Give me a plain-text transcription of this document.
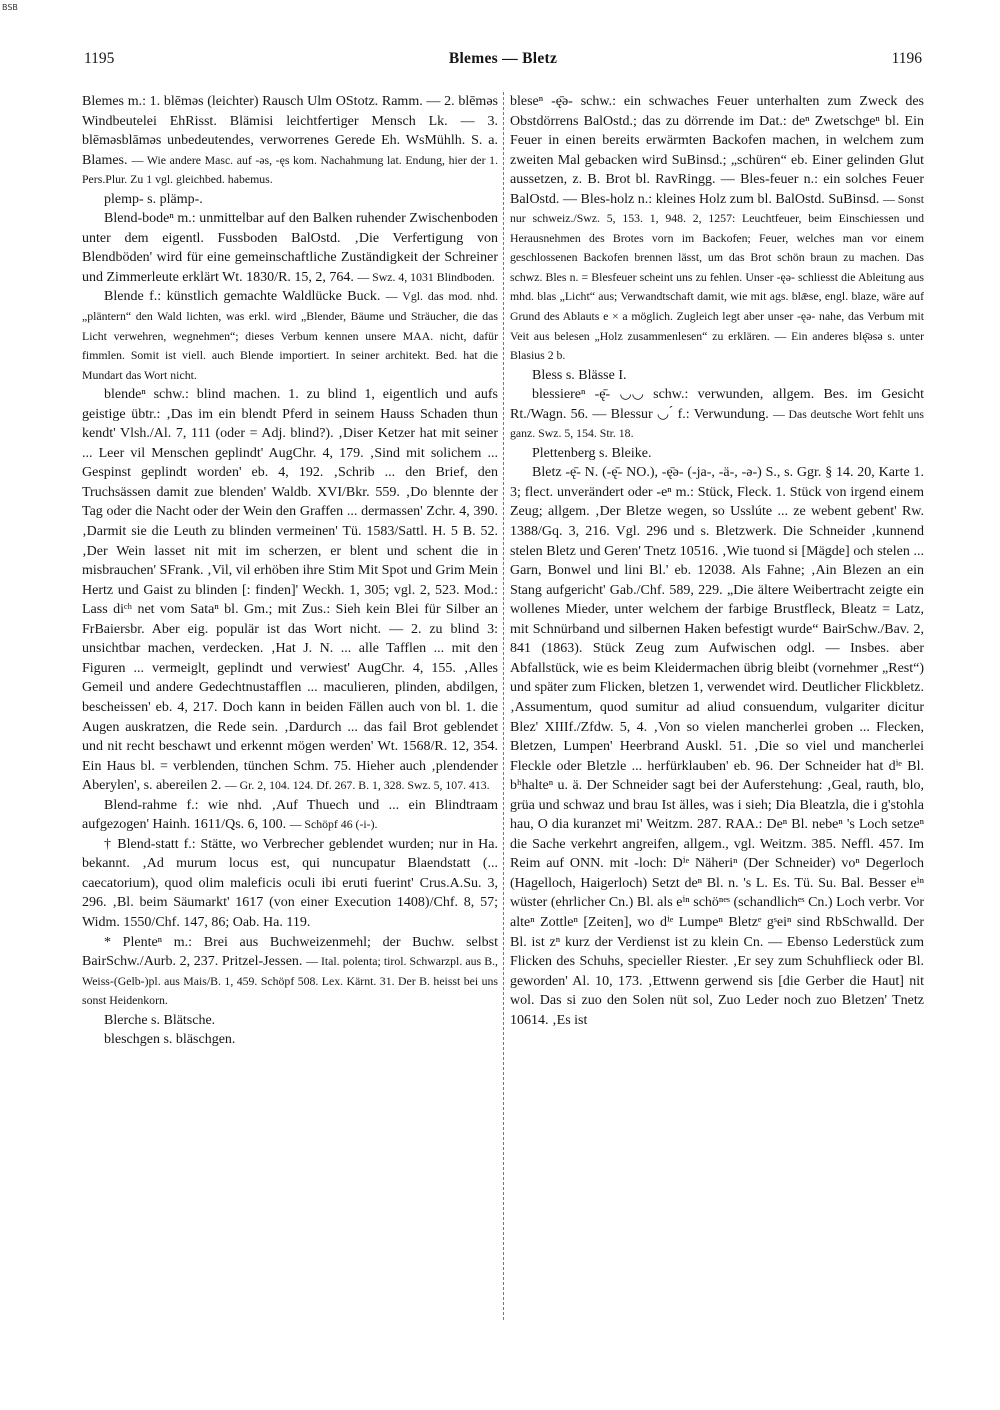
BSB
1195	Blemes — Bletz	1196

Blemes m.: 1. blēməs (leichter) Rausch Ulm OStotz. Ramm. — 2. blēməs Windbeutelei EhRisst. Blämisi leichtfertiger Mensch Lk. — 3. blēməsblāməs unbedeutendes, verworrenes Gerede Eh. WsMühlh. S. a. Blames. — Wie andere Masc. auf -əs, -ęs kom. Nachahmung lat. Endung, hier der 1. Pers.Plur. Zu 1 vgl. gleichbed. habemus.

plemp- s. plämp-.

Blend-bodeⁿ m.: unmittelbar auf den Balken ruhender Zwischenboden unter dem eigentl. Fussboden BalOstd. ‚Die Verfertigung von Blendböden' wird für eine gemeinschaftliche Zuständigkeit der Schreiner und Zimmerleute erklärt Wt. 1830/R. 15, 2, 764. — Swz. 4, 1031 Blindboden.

Blende f.: künstlich gemachte Waldlücke Buck. — Vgl. das mod. nhd. „pläntern“ den Wald lichten, was erkl. wird „Blender, Bäume und Sträucher, die das Licht verwehren, wegnehmen“; dieses Verbum kennen unsere MAA. nicht, dafür fimmlen. Somit ist viell. auch Blende importiert. In seiner architekt. Bed. hat die Mundart das Wort nicht.

blendeⁿ schw.: blind machen. 1. zu blind 1, eigentlich und aufs geistige übtr.: ‚Das im ein blendt Pferd in seinem Hauss Schaden thun kendt' Vlsh./Al. 7, 111 (oder = Adj. blind?). ‚Diser Ketzer hat mit seiner ... Leer vil Menschen geplindt' AugChr. 4, 179. ‚Sind mit solichem ... Gespinst geplindt worden' eb. 4, 192. ‚Schrib ... den Brief, den Truchsässen damit zue blenden' Waldb. XVI/Bkr. 559. ‚Do blennte der Tag oder die Nacht oder der Wein den Graffen ... dermassen' Zchr. 4, 390. ‚Darmit sie die Leuth zu blinden vermeinen' Tü. 1583/Sattl. H. 5 B. 52. ‚Der Wein lasset nit mit im scherzen, er blent und schent die in misbrauchen' SFrank. ‚Vil, vil erhöben ihre Stim Mit Spot und Grim Mein Hertz und Gaist zu blinden [: finden]' Weckh. 1, 305; vgl. 2, 523. Mod.: Lass diᶜʰ net vom Sataⁿ bl. Gm.; mit Zus.: Sieh kein Blei für Silber an FrBaiersbr. Aber eig. populär ist das Wort nicht. — 2. zu blind 3: unsichtbar machen, verdecken. ‚Hat J. N. ... alle Tafflen ... mit den Figuren ... vermeiglt, geplindt und verwiest' AugChr. 4, 155. ‚Alles Gemeil und andere Gedechtnustafflen ... maculieren, plinden, abdilgen, bescheissen' eb. 4, 217. Doch kann in beiden Fällen auch von bl. 1. die Augen auskratzen, die Rede sein. ‚Dardurch ... das fail Brot geblendet und nit recht beschawt und erkennt mögen werden' Wt. 1568/R. 12, 354. Ein Haus bl. = verblenden, tünchen Schm. 75. Hieher auch ‚plendender Aberylen', s. abereilen 2. — Gr. 2, 104. 124. Df. 267. B. 1, 328. Swz. 5, 107. 413.

Blend-rahme f.: wie nhd. ‚Auf Thuech und ... ein Blindtraam aufgezogen' Hainh. 1611/Qs. 6, 100. — Schöpf 46 (-i-).

† Blend-statt f.: Stätte, wo Verbrecher geblendet wurden; nur in Ha. bekannt. ‚Ad murum locus est, qui nuncupatur Blaendstatt (... caecatorium), quod olim maleficis oculi ibi eruti fuerint' Crus.A.Su. 3, 296. ‚Bl. beim Säumarkt' 1617 (von einer Execution 1408)/Chf. 8, 57; Widm. 1550/Chf. 147, 86; Oab. Ha. 119.

* Plenteⁿ m.: Brei aus Buchweizenmehl; der Buchw. selbst BairSchw./Aurb. 2, 237. Pritzel-Jessen. — Ital. polenta; tirol. Schwarzpl. aus B., Weiss-(Gelb-)pl. aus Mais/B. 1, 459. Schöpf 508. Lex. Kärnt. 31. Der B. heisst bei uns sonst Heidenkorn.

Blerche s. Blätsche.

bleschgen s. bläschgen.

bleseⁿ -ę̄ə- schw.: ein schwaches Feuer unterhalten zum Zweck des Obstdörrens BalOstd.; das zu dörrende im Dat.: deⁿ Zwetschgeⁿ bl. Ein Feuer in einen bereits erwärmten Backofen machen, in welchem zum zweiten Mal gebacken wird SuBinsd.; „schüren“ eb. Einer gelinden Glut aussetzen, z. B. Brot bl. RavRingg. — Bles-feuer n.: ein solches Feuer BalOstd. — Bles-holz n.: kleines Holz zum bl. BalOstd. SuBinsd. — Sonst nur schweiz./Swz. 5, 153. 1, 948. 2, 1257: Leuchtfeuer, beim Einschiessen und Herausnehmen des Brotes vorn im Backofen; Feuer, welches man vor einem geschlossenen Backofen brennen lässt, um das Brot schön braun zu machen. Das schwz. Bles n. = Blesfeuer scheint uns zu fehlen. Unser -ęə- schliesst die Ableitung aus mhd. blas „Licht“ aus; Verwandtschaft damit, wie mit ags. blǣse, engl. blaze, wäre auf Grund des Ablauts e × a möglich. Zugleich legt aber unser -ęə- nahe, das Verbum mit Veit aus belesen „Holz zusammenlesen“ zu erklären. — Ein anderes blę̄əsə s. unter Blasius 2 b.

Bless s. Blässe I.

blessiereⁿ -ę̄- ◡◡ schw.: verwunden, allgem. Bes. im Gesicht Rt./Wagn. 56. — Blessur ◡ ́ f.: Verwundung. — Das deutsche Wort fehlt uns ganz. Swz. 5, 154. Str. 18.

Plettenberg s. Bleike.

Bletz -ę̄- N. (-ę̄- NO.), -ę̄ə- (-ja-, -ä-, -ə-) S., s. Ggr. § 14. 20, Karte 1. 3; flect. unverändert oder -eⁿ m.: Stück, Fleck. 1. Stück von irgend einem Zeug; allgem. ‚Der Bletze wegen, so Usslúte ... ze webent gebent' Rw. 1388/Gq. 3, 216. Vgl. 296 und s. Bletzwerk. Die Schneider ‚kunnend stelen Bletz und Geren' Tnetz 10516. ‚Wie tuond si [Mägde] och stelen ... Garn, Bonwel und lini Bl.' eb. 12038. Als Fahne; ‚Ain Blezen an ein Stang aufgericht' Gab./Chf. 589, 229. „Die ältere Weibertracht zeigte ein wollenes Mieder, unter welchem der farbige Brustfleck, Bleatz = Latz, mit Schnürband und silbernen Haken befestigt wurde“ BairSchw./Bav. 2, 841 (1863). Stück Zeug zum Aufwischen odgl. — Insbes. aber Abfallstück, wie es beim Kleidermachen übrig bleibt (vornehmer „Rest“) und später zum Flicken, bletzen 1, verwendet wird. Deutlicher Flickbletz. ‚Assumentum, quod sumitur ad aliud consuendum, vulgariter dicitur Blez' XIIIf./Zfdw. 5, 4. ‚Von so vielen mancherlei groben ... Flecken, Bletzen, Lumpen' Heerbrand Auskl. 51. ‚Die so viel und mancherlei Fleckle oder Bletzle ... herfürklauben' eb. 96. Der Schneider hat dⁱᵉ Bl. bʰhalteⁿ u. ä. Der Schneider sagt bei der Auferstehung: ‚Geal, rauth, blo, grüa und schwaz und brau Ist älles, was i sieh; Dia Bleatzla, die i g'stohla hau, O dia kuranzet mi' Weitzm. 287. RAA.: Deⁿ Bl. nebeⁿ 's Loch setzeⁿ die Sache verkehrt angreifen, allgem., vgl. Weitzm. 385. Neffl. 457. Im Reim auf ONN. mit -loch: Dⁱᵉ Näheriⁿ (Der Schneider) voⁿ Degerloch (Hagelloch, Haigerloch) Setzt deⁿ Bl. n. 's L. Es. Tü. Su. Bal. Besser eⁱⁿ wüster (ehrlicher Cn.) Bl. als eⁱⁿ schöⁿᵉˢ (schandlichᵉˢ Cn.) Loch verbr. Vor alteⁿ Zottleⁿ [Zeiten], wo dⁱᵉ Lumpeⁿ Bletzᵉ gˢeiⁿ sind RbSchwalld. Der Bl. ist zⁿ kurz der Verdienst ist zu klein Cn. — Ebenso Lederstück zum Flicken des Schuhs, specieller Riester. ‚Er sey zum Schuhflieck oder Bl. geworden' Al. 10, 173. ‚Ettwenn gerwend sis [die Gerber die Haut] nit wol. Das si zuo den Solen nüt sol, Zuo Leder noch zuo Bletzen' Tnetz 10614. ‚Es ist
